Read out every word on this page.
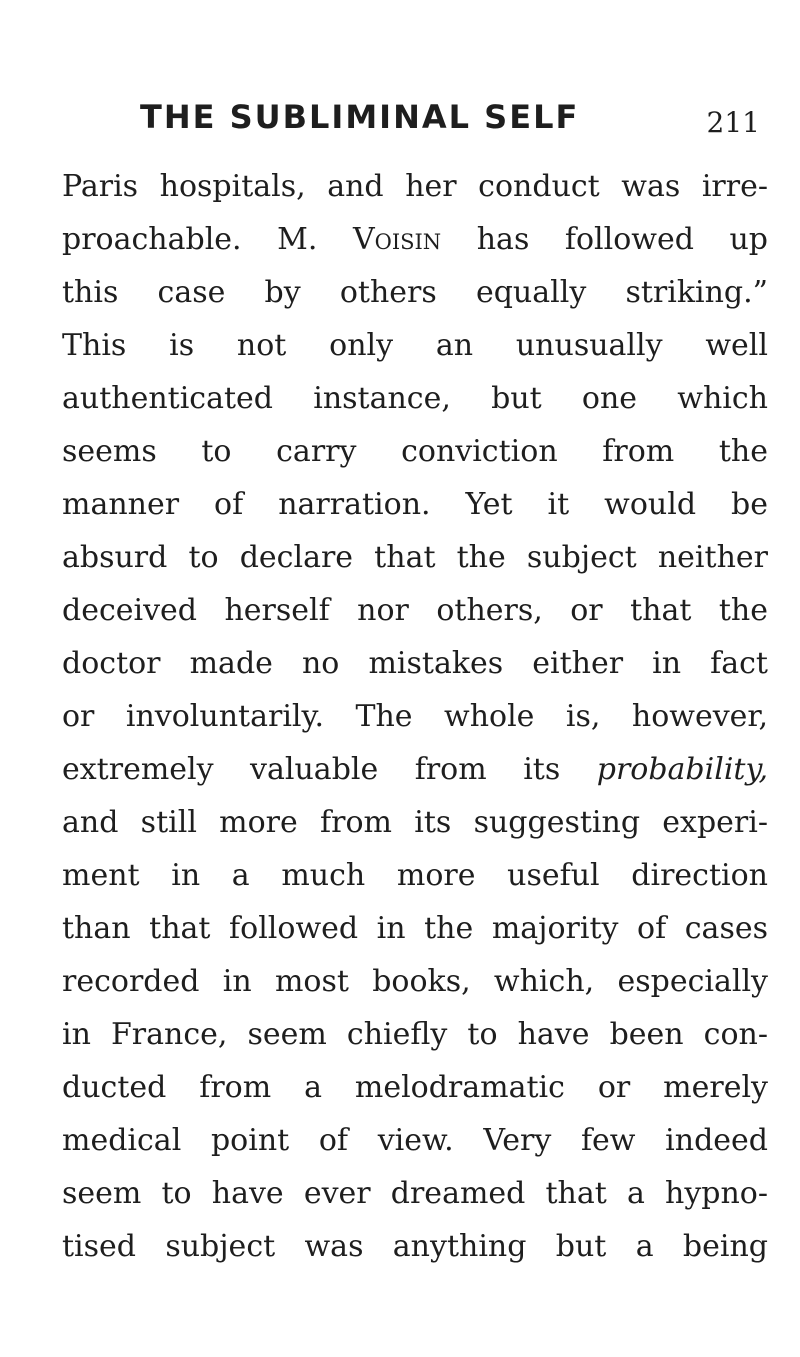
THE SUBLIMINAL SELF	211
Paris hospitals, and her conduct was irre-
proachable. M. Voisin has followed up
this case by others equally striking.”
This is not only an unusually well
authenticated instance, but one which
seems to carry conviction from the
manner of narration. Yet it would be
absurd to declare that the subject neither
deceived herself nor others, or that the
doctor made no mistakes either in fact
or involuntarily. The whole is, however,
extremely valuable from its probability,
and still more from its suggesting experi-
ment in a much more useful direction
than that followed in the majority of cases
recorded in most books, which, especially
in France, seem chiefly to have been con-
ducted from a melodramatic or merely
medical point of view. Very few indeed
seem to have ever dreamed that a hypno-
tised subject was anything but a being
